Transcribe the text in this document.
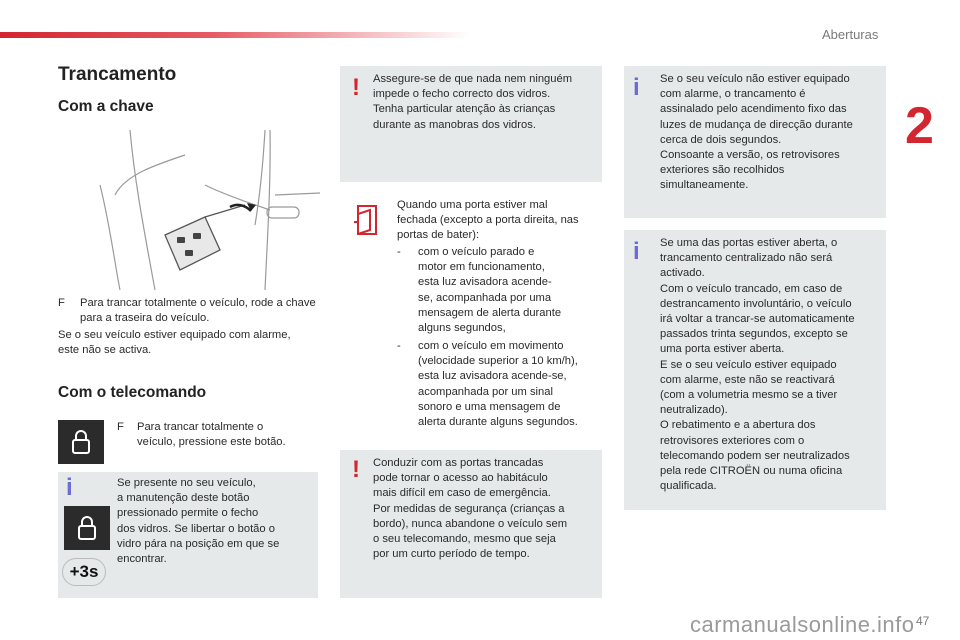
Aberturas
2
Trancamento
Com a chave
F Para trancar totalmente o veículo, rode a chave para a traseira do veículo.
Se o seu veículo estiver equipado com alarme,
este não se activa.
Com o telecomando
F Para trancar totalmente o
veículo, pressione este botão.
i
+3s
Se presente no seu veículo,
a manutenção deste botão
pressionado permite o fecho
dos vidros. Se libertar o botão o
vidro pára na posição em que se
encontrar.
! Assegure-se de que nada nem ninguém
impede o fecho correcto dos vidros.
Tenha particular atenção às crianças
durante as manobras dos vidros.
Quando uma porta estiver mal
fechada (excepto a porta direita, nas
portas de bater):
- com o veículo parado e
motor em funcionamento,
esta luz avisadora acende-
se, acompanhada por uma
mensagem de alerta durante
alguns segundos,
- com o veículo em movimento
(velocidade superior a 10 km/h),
esta luz avisadora acende-se,
acompanhada por um sinal
sonoro e uma mensagem de
alerta durante alguns segundos.
! Conduzir com as portas trancadas
pode tornar o acesso ao habitáculo
mais difícil em caso de emergência.
Por medidas de segurança (crianças a
bordo), nunca abandone o veículo sem
o seu telecomando, mesmo que seja
por um curto período de tempo.
i Se o seu veículo não estiver equipado
com alarme, o trancamento é
assinalado pelo acendimento fixo das
luzes de mudança de direcção durante
cerca de dois segundos.
Consoante a versão, os retrovisores
exteriores são recolhidos
simultaneamente.
i Se uma das portas estiver aberta, o
trancamento centralizado não será
activado.
Com o veículo trancado, em caso de
destrancamento involuntário, o veículo
irá voltar a trancar-se automaticamente
passados trinta segundos, excepto se
uma porta estiver aberta.
E se o seu veículo estiver equipado
com alarme, este não se reactivará
(com a volumetria mesmo se a tiver
neutralizado).
O rebatimento e a abertura dos
retrovisores exteriores com o
telecomando podem ser neutralizados
pela rede CITROËN ou numa oficina
qualificada.
carmanualsonline.info 47
